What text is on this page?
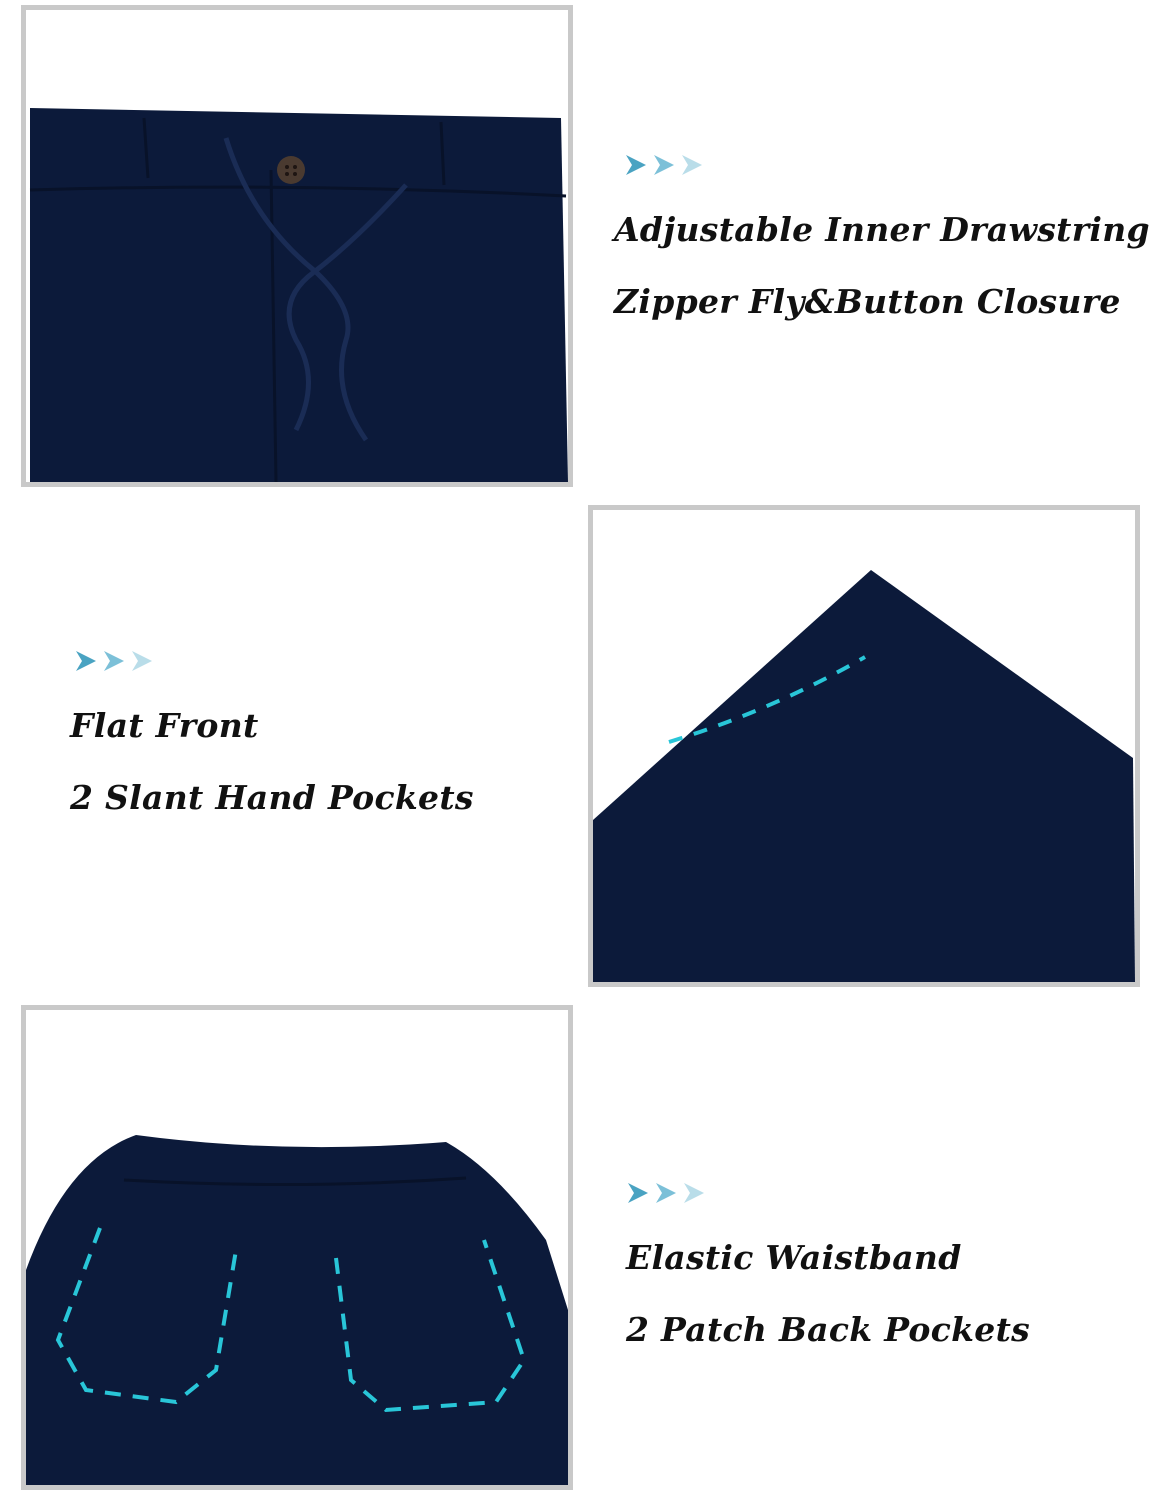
Adjustable Inner Drawstring
Zipper Fly&Button Closure
Flat Front
2 Slant Hand Pockets
Elastic Waistband
2 Patch Back Pockets
